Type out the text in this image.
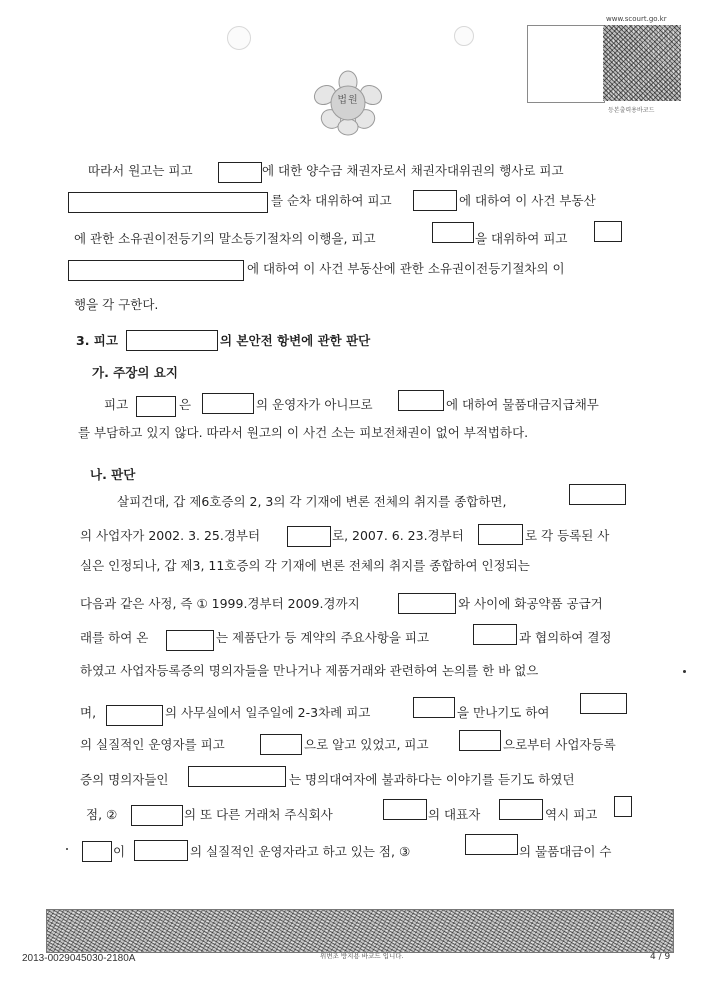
www.scourt.go.kr
등본출력용바코드
법원
따라서 원고는 피고	에 대한 양수금 채권자로서 채권자대위권의 행사로 피고
를 순차 대위하여 피고	에 대하여 이 사건 부동산
에 관한 소유권이전등기의 말소등기절차의 이행을, 피고	을 대위하여 피고
에 대하여 이 사건 부동산에 관한 소유권이전등기절차의 이
행을 각 구한다.
3. 피고	의 본안전 항변에 관한 판단
가. 주장의 요지
피고	은	의 운영자가 아니므로	에 대하여 물품대금지급채무
를 부담하고 있지 않다. 따라서 원고의 이 사건 소는 피보전채권이 없어 부적법하다.
나. 판단
살피건대, 갑 제6호증의 2, 3의 각 기재에 변론 전체의 취지를 종합하면,
의 사업자가 2002. 3. 25.경부터	로, 2007. 6. 23.경부터	로 각 등록된 사
실은 인정되나, 갑 제3, 11호증의 각 기재에 변론 전체의 취지를 종합하여 인정되는
다음과 같은 사정, 즉 ① 1999.경부터 2009.경까지	와 사이에 화공약품 공급거
래를 하여 온	는 제품단가 등 계약의 주요사항을 피고	과 협의하여 결정
하였고 사업자등록증의 명의자들을 만나거나 제품거래와 관련하여 논의를 한 바 없으
며,	의 사무실에서 일주일에 2-3차례 피고	을 만나기도 하여
의 실질적인 운영자를 피고	으로 알고 있었고, 피고	으로부터 사업자등록
증의 명의자들인	는 명의대여자에 불과하다는 이야기를 듣기도 하였던
점, ②	의 또 다른 거래처 주식회사	의 대표자	역시 피고
이	의 실질적인 운영자라고 하고 있는 점, ③	의 물품대금이 수
위변조 방지용 바코드 입니다.	4 / 9
2013-0029045030-2180A
